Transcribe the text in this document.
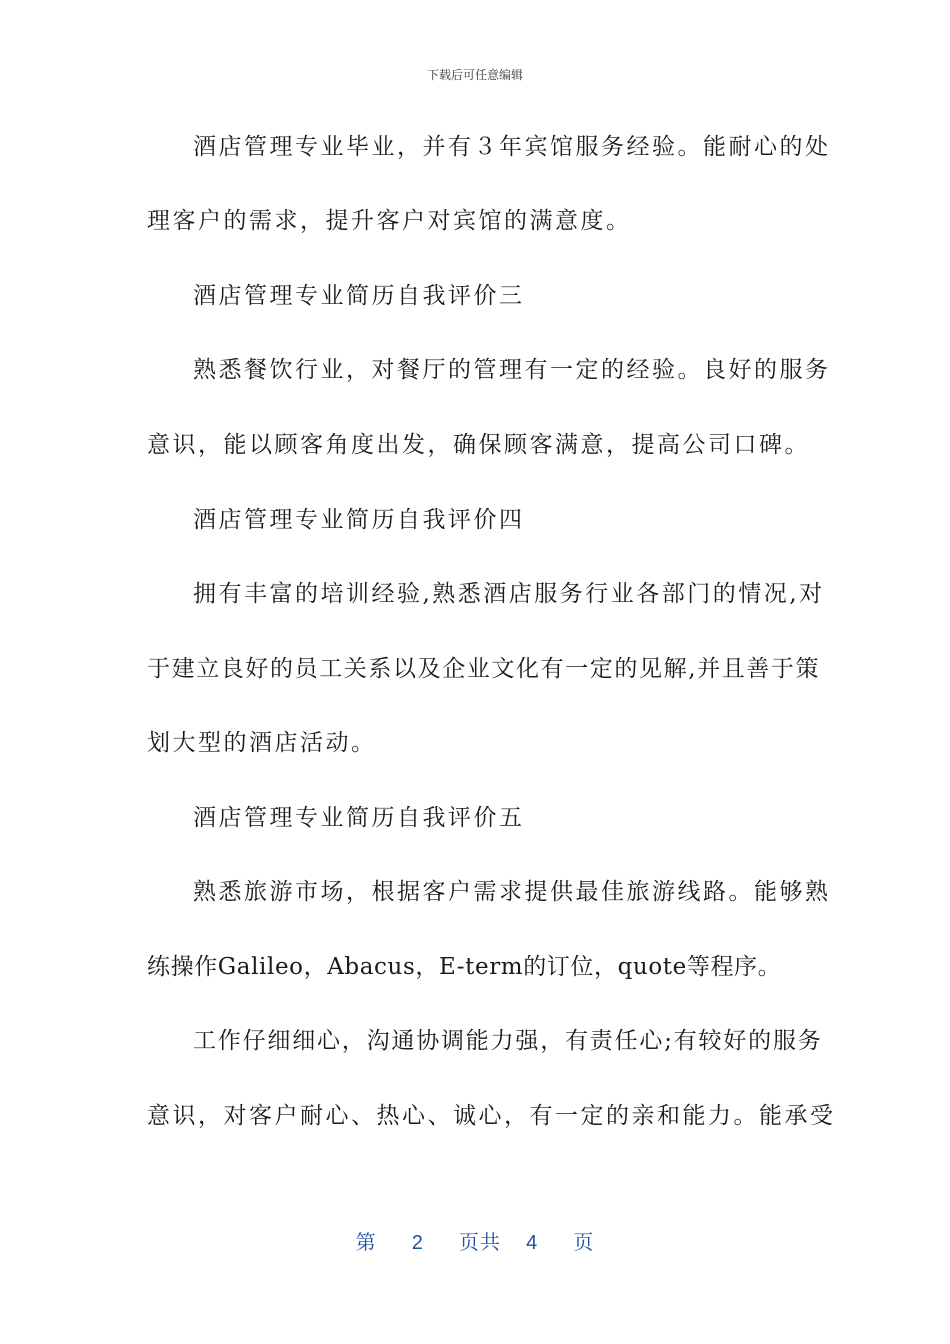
下载后可任意编辑
酒店管理专业毕业，并有３年宾馆服务经验。能耐心的处
理客户的需求，提升客户对宾馆的满意度。
酒店管理专业简历自我评价三
熟悉餐饮行业，对餐厅的管理有一定的经验。良好的服务
意识，能以顾客角度出发，确保顾客满意，提高公司口碑。
酒店管理专业简历自我评价四
拥有丰富的培训经验,熟悉酒店服务行业各部门的情况,对
于建立良好的员工关系以及企业文化有一定的见解,并且善于策
划大型的酒店活动。
酒店管理专业简历自我评价五
熟悉旅游市场，根据客户需求提供最佳旅游线路。能够熟
练操作Galileo，Abacus，E-term的订位，quote等程序。
工作仔细细心，沟通协调能力强，有责任心;有较好的服务
意识，对客户耐心、热心、诚心，有一定的亲和能力。能承受
第 2 页共 4 页
